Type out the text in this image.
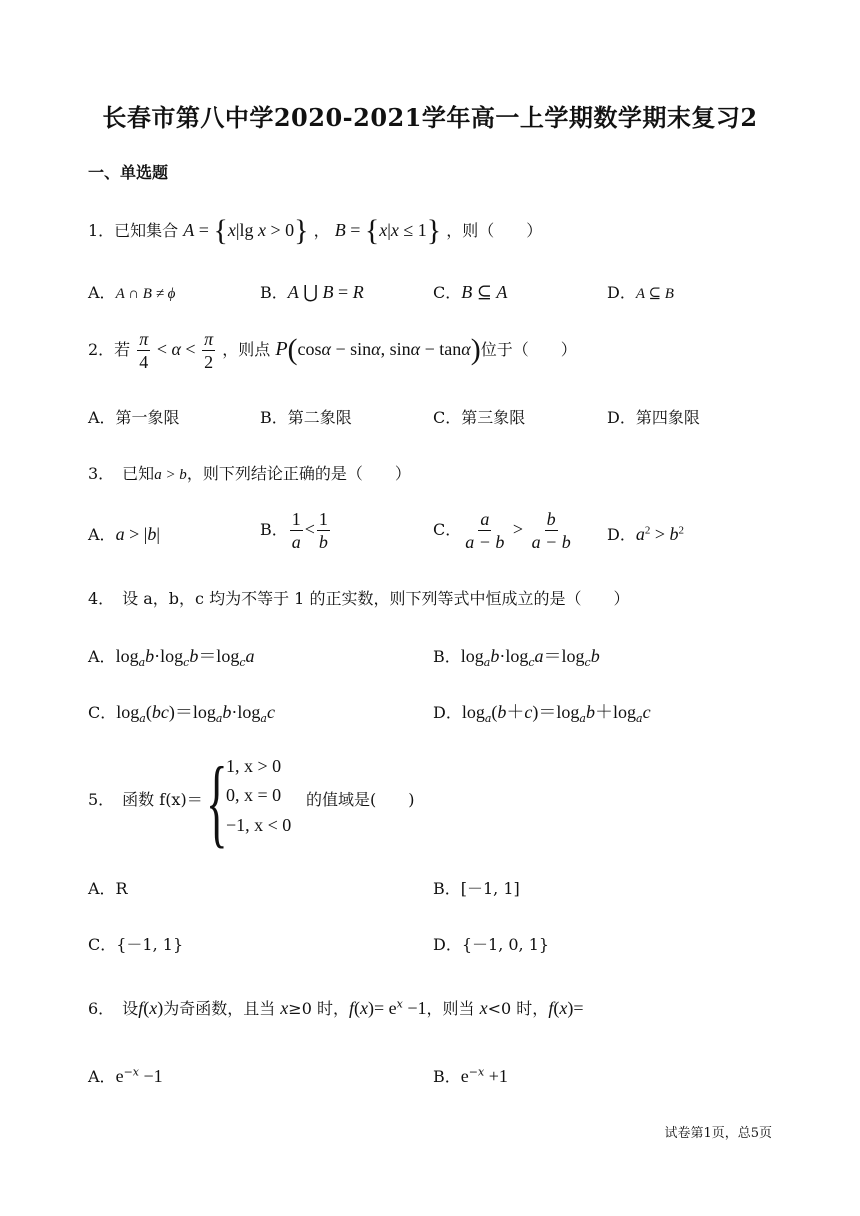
长春市第八中学2020-2021学年高一上学期数学期末复习2
一、单选题
1．已知集合 A = {x|lg x > 0} ， B = {x|x ≤ 1} ，则（　　）
A．A ∩ B ≠ ϕ	B．A ⋃ B = R	C．B ⊆ A	D．A ⊆ B
2．若 $\frac{\pi}{4} < \alpha < \frac{\pi}{2}$ ，则点 P(cosα − sinα, sinα − tanα)位于（　　）
A．第一象限	B．第二象限	C．第三象限	D．第四象限
3．　已知a > b，则下列结论正确的是（　　）
A．a > |b|	B． $\frac{1}{a} < \frac{1}{b}$	C． $\frac{a}{a - b} > \frac{b}{a - b}$ D．$a^2 > b^2$
4．　设 a，b，c 均为不等于 1 的正实数，则下列等式中恒成立的是（　　）
A．$\log_ab\cdot\log_cb=\log_ca$	B．$\log_ab\cdot\log_ca=\log_cb$
C．$\log_a(bc)=\log_ab\cdot\log_ac$	D．$\log_a(b+c)=\log_ab+\log_ac$
5．　函数 f(x)＝ {
1, x > 0
0, x = 0
−1, x < 0
的值域是(　　)
A．R	B．[－1, 1]
C．{－1, 1}	D．{－1, 0, 1}
6．　设f(x)为奇函数，且当 x≥0 时，$f(x)= e^x -1$，则当 x<0 时，f(x)=
A．$e^{-x} -1$	B．$e^{-x} +1$
试卷第1页，总5页
